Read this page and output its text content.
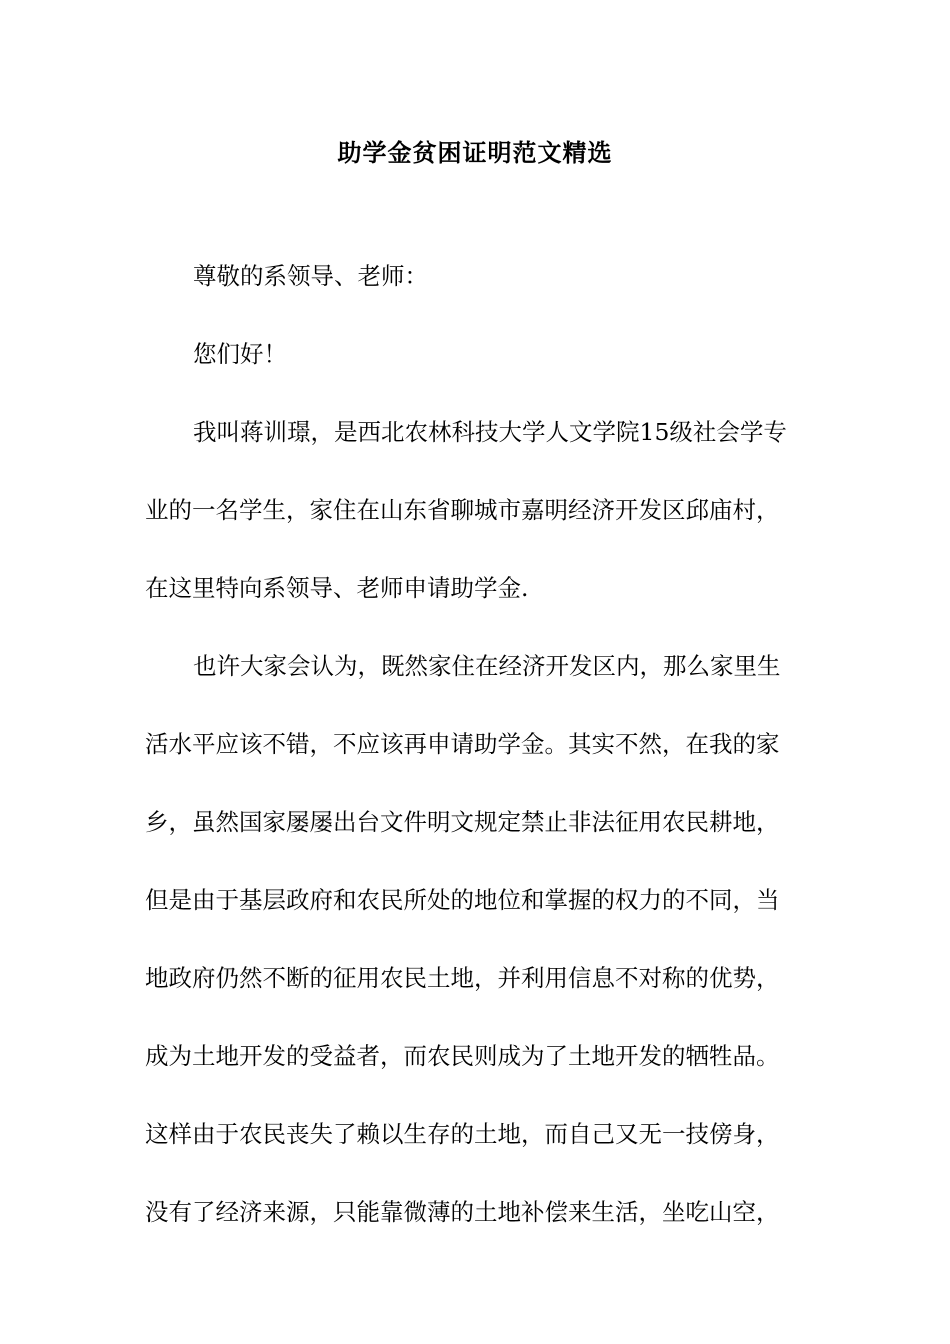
助学金贫困证明范文精选
尊敬的系领导、老师：
您们好！
我叫蒋训璟，是西北农林科技大学人文学院15级社会学专
业的一名学生，家住在山东省聊城市嘉明经济开发区邱庙村，
在这里特向系领导、老师申请助学金.
也许大家会认为，既然家住在经济开发区内，那么家里生
活水平应该不错，不应该再申请助学金。其实不然，在我的家
乡，虽然国家屡屡出台文件明文规定禁止非法征用农民耕地，
但是由于基层政府和农民所处的地位和掌握的权力的不同，当
地政府仍然不断的征用农民土地，并利用信息不对称的优势，
成为土地开发的受益者，而农民则成为了土地开发的牺牲品。
这样由于农民丧失了赖以生存的土地，而自己又无一技傍身，
没有了经济来源，只能靠微薄的土地补偿来生活，坐吃山空，
